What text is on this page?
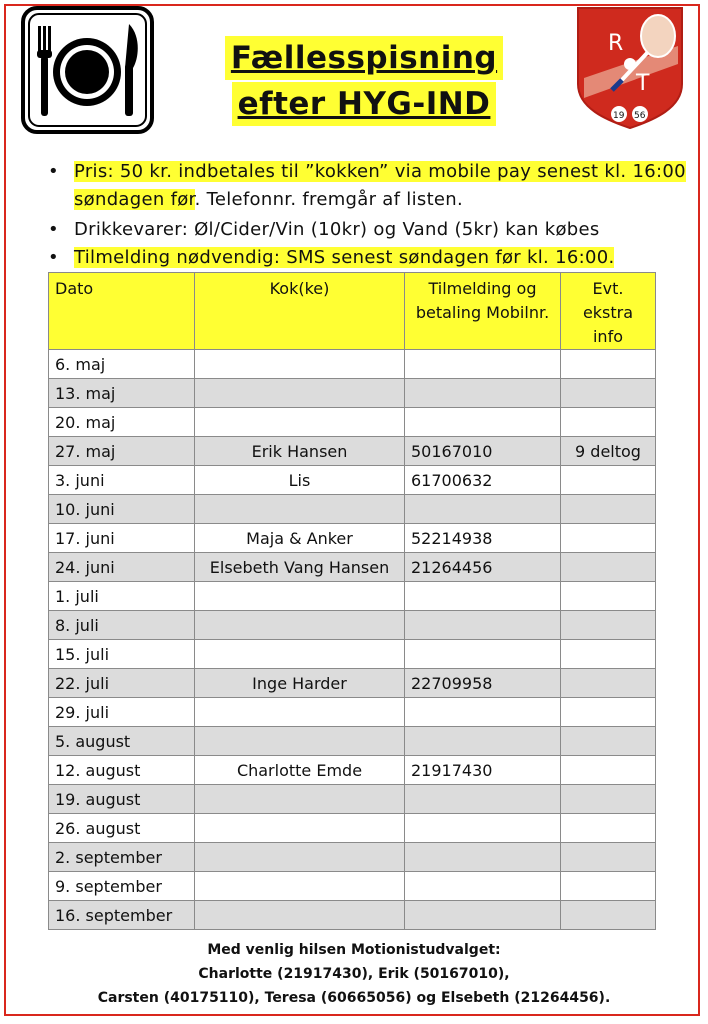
R
T
19 56
Fællesspisning
efter HYG-IND
• Pris: 50 kr. indbetales til ”kokken” via mobile pay senest kl. 16:00 søndagen før. Telefonnr. fremgår af listen.
• Drikkevarer: Øl/Cider/Vin (10kr) og Vand (5kr) kan købes
• Tilmelding nødvendig: SMS senest søndagen før kl. 16:00.
Dato	Kok(ke)	Tilmelding og betaling Mobilnr.	Evt. ekstra info
6. maj			
13. maj			
20. maj			
27. maj	Erik Hansen	50167010	9 deltog
3. juni	Lis	61700632	
10. juni			
17. juni	Maja & Anker	52214938	
24. juni	Elsebeth Vang Hansen	21264456	
1. juli			
8. juli			
15. juli			
22. juli	Inge Harder	22709958	
29. juli			
5. august			
12. august	Charlotte Emde	21917430	
19. august			
26. august			
2. september			
9. september			
16. september			
Med venlig hilsen Motionistudvalget:
Charlotte (21917430), Erik (50167010),
Carsten (40175110), Teresa (60665056) og Elsebeth (21264456).
